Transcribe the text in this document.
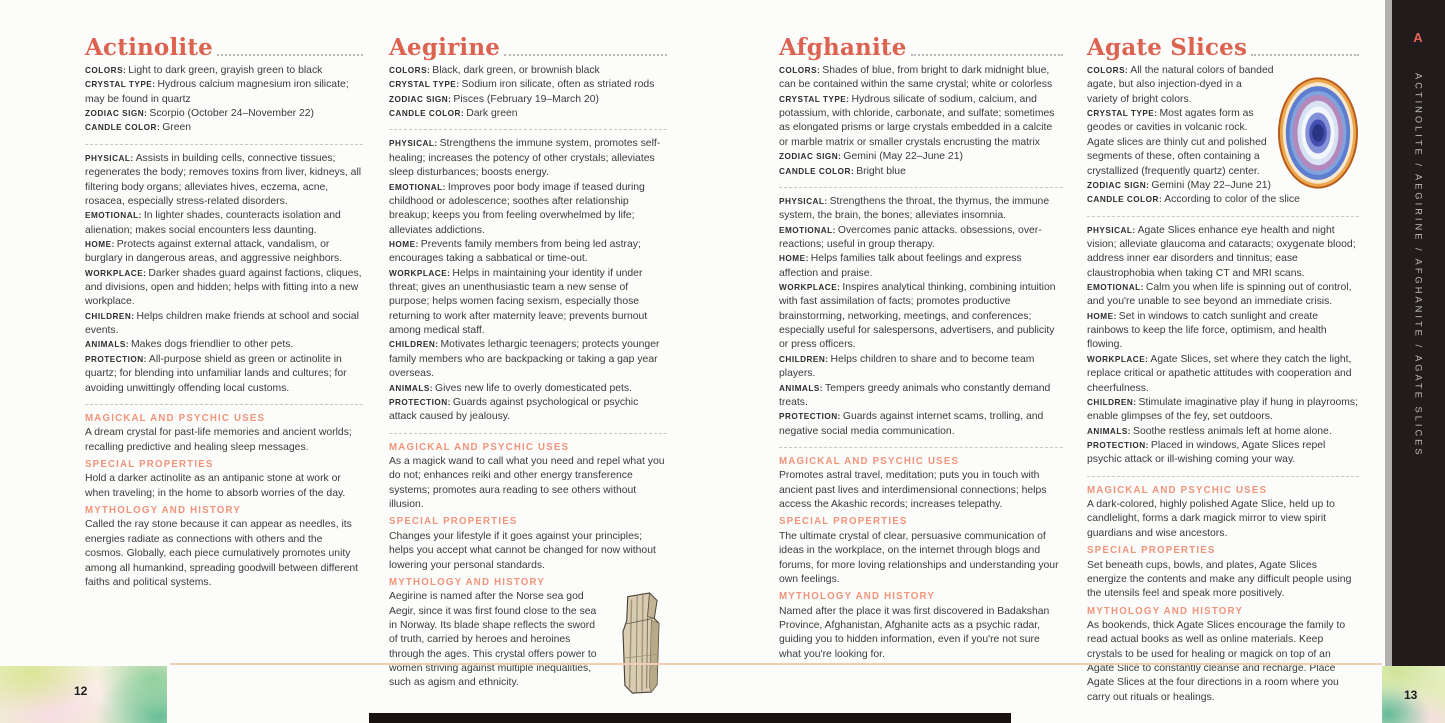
Actinolite

COLORS: Light to dark green, grayish green to black

CRYSTAL TYPE: Hydrous calcium magnesium iron silicate; may be found in quartz

ZODIAC SIGN: Scorpio (October 24–November 22)

CANDLE COLOR: Green

PHYSICAL: Assists in building cells, connective tissues; regenerates the body; removes toxins from liver, kidneys, all filtering body organs; alleviates hives, eczema, acne, rosacea, especially stress-related disorders.

EMOTIONAL: In lighter shades, counteracts isolation and alienation; makes social encounters less daunting.

HOME: Protects against external attack, vandalism, or burglary in dangerous areas, and aggressive neighbors.

WORKPLACE: Darker shades guard against factions, cliques, and divisions, open and hidden; helps with fitting into a new workplace.

CHILDREN: Helps children make friends at school and social events.

ANIMALS: Makes dogs friendlier to other pets.

PROTECTION: All-purpose shield as green or actinolite in quartz; for blending into unfamiliar lands and cultures; for avoiding unwittingly offending local customs.

MAGICKAL AND PSYCHIC USES

A dream crystal for past-life memories and ancient worlds; recalling predictive and healing sleep messages.

SPECIAL PROPERTIES

Hold a darker actinolite as an antipanic stone at work or when traveling; in the home to absorb worries of the day.

MYTHOLOGY AND HISTORY

Called the ray stone because it can appear as needles, its energies radiate as connections with others and the cosmos. Globally, each piece cumulatively promotes unity among all humankind, spreading goodwill between different faiths and political systems.

Aegirine

COLORS: Black, dark green, or brownish black

CRYSTAL TYPE: Sodium iron silicate, often as striated rods

ZODIAC SIGN: Pisces (February 19–March 20)

CANDLE COLOR: Dark green

PHYSICAL: Strengthens the immune system, promotes self-healing; increases the potency of other crystals; alleviates sleep disturbances; boosts energy.

EMOTIONAL: Improves poor body image if teased during childhood or adolescence; soothes after relationship breakup; keeps you from feeling overwhelmed by life; alleviates addictions.

HOME: Prevents family members from being led astray; encourages taking a sabbatical or time-out.

WORKPLACE: Helps in maintaining your identity if under threat; gives an unenthusiastic team a new sense of purpose; helps women facing sexism, especially those returning to work after maternity leave; prevents burnout among medical staff.

CHILDREN: Motivates lethargic teenagers; protects younger family members who are backpacking or taking a gap year overseas.

ANIMALS: Gives new life to overly domesticated pets.

PROTECTION: Guards against psychological or psychic attack caused by jealousy.

MAGICKAL AND PSYCHIC USES

As a magick wand to call what you need and repel what you do not; enhances reiki and other energy transference systems; promotes aura reading to see others without illusion.

SPECIAL PROPERTIES

Changes your lifestyle if it goes against your principles; helps you accept what cannot be changed for now without lowering your personal standards.

MYTHOLOGY AND HISTORY

Aegirine is named after the Norse sea god Aegir, since it was first found close to the sea in Norway. Its blade shape reflects the sword of truth, carried by heroes and heroines through the ages. This crystal offers power to women striving against multiple inequalities, such as agism and ethnicity.

Afghanite

COLORS: Shades of blue, from bright to dark midnight blue, can be contained within the same crystal; white or colorless

CRYSTAL TYPE: Hydrous silicate of sodium, calcium, and potassium, with chloride, carbonate, and sulfate; sometimes as elongated prisms or large crystals embedded in a calcite or marble matrix or smaller crystals encrusting the matrix

ZODIAC SIGN: Gemini (May 22–June 21)

CANDLE COLOR: Bright blue

PHYSICAL: Strengthens the throat, the thymus, the immune system, the brain, the bones; alleviates insomnia.

EMOTIONAL: Overcomes panic attacks. obsessions, over-reactions; useful in group therapy.

HOME: Helps families talk about feelings and express affection and praise.

WORKPLACE: Inspires analytical thinking, combining intuition with fast assimilation of facts; promotes productive brainstorming, networking, meetings, and conferences; especially useful for salespersons, advertisers, and publicity or press officers.

CHILDREN: Helps children to share and to become team players.

ANIMALS: Tempers greedy animals who constantly demand treats.

PROTECTION: Guards against internet scams, trolling, and negative social media communication.

MAGICKAL AND PSYCHIC USES

Promotes astral travel, meditation; puts you in touch with ancient past lives and interdimensional connections; helps access the Akashic records; increases telepathy.

SPECIAL PROPERTIES

The ultimate crystal of clear, persuasive communication of ideas in the workplace, on the internet through blogs and forums, for more loving relationships and understanding your own feelings.

MYTHOLOGY AND HISTORY

Named after the place it was first discovered in Badakshan Province, Afghanistan, Afghanite acts as a psychic radar, guiding you to hidden information, even if you're not sure what you're looking for.

Agate Slices

COLORS: All the natural colors of banded agate, but also injection-dyed in a variety of bright colors.

CRYSTAL TYPE: Most agates form as geodes or cavities in volcanic rock. Agate slices are thinly cut and polished segments of these, often containing a crystallized (frequently quartz) center.

ZODIAC SIGN: Gemini (May 22–June 21)

CANDLE COLOR: According to color of the slice

PHYSICAL: Agate Slices enhance eye health and night vision; alleviate glaucoma and cataracts; oxygenate blood; address inner ear disorders and tinnitus; ease claustrophobia when taking CT and MRI scans.

EMOTIONAL: Calm you when life is spinning out of control, and you're unable to see beyond an immediate crisis.

HOME: Set in windows to catch sunlight and create rainbows to keep the life force, optimism, and health flowing.

WORKPLACE: Agate Slices, set where they catch the light, replace critical or apathetic attitudes with cooperation and cheerfulness.

CHILDREN: Stimulate imaginative play if hung in playrooms; enable glimpses of the fey, set outdoors.

ANIMALS: Soothe restless animals left at home alone.

PROTECTION: Placed in windows, Agate Slices repel psychic attack or ill-wishing coming your way.

MAGICKAL AND PSYCHIC USES

A dark-colored, highly polished Agate Slice, held up to candlelight, forms a dark magick mirror to view spirit guardians and wise ancestors.

SPECIAL PROPERTIES

Set beneath cups, bowls, and plates, Agate Slices energize the contents and make any difficult people using the utensils feel and speak more positively.

MYTHOLOGY AND HISTORY

As bookends, thick Agate Slices encourage the family to read actual books as well as online materials. Keep crystals to be used for healing or magick on top of an Agate Slice to constantly cleanse and recharge. Place Agate Slices at the four directions in a room where you carry out rituals or healings.

A
ACTINOLITE / AEGIRINE / AFGHANITE / AGATE SLICES
12	13
